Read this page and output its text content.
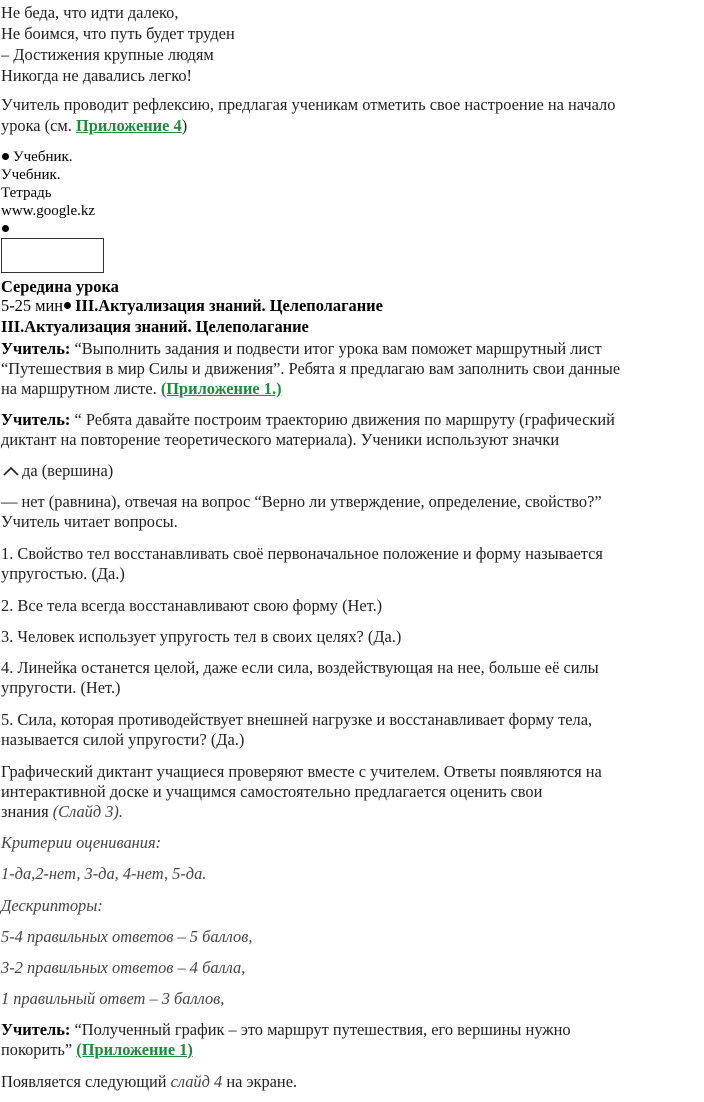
Не беда, что идти далеко,
Не боимся, что путь будет труден
– Достижения крупные людям
Никогда не давались легко!
Учитель проводит рефлексию, предлагая ученикам отметить свое настроение на начало
урока (см. Приложение 4)
Учебник.
Учебник.
Тетрадь
www.google.kz
Середина урока
5-25 мин III.Актуализация знаний. Целеполагание
III.Актуализация знаний. Целеполагание
Учитель: “Выполнить задания и подвести итог урока вам поможет маршрутный лист
“Путешествия в мир Силы и движения”. Ребята я предлагаю вам заполнить свои данные
на маршрутном листе. (Приложение 1.)
Учитель: “ Ребята давайте построим траекторию движения по маршруту (графический
диктант на повторение теоретического материала). Ученики используют значки
да (вершина)
— нет (равнина), отвечая на вопрос “Верно ли утверждение, определение, свойство?”
Учитель читает вопросы.
1. Свойство тел восстанавливать своё первоначальное положение и форму называется
упругостью. (Да.)
2. Все тела всегда восстанавливают свою форму (Нет.)
3. Человек использует упругость тел в своих целях? (Да.)
4. Линейка останется целой, даже если сила, воздействующая на нее, больше её силы
упругости. (Нет.)
5. Сила, которая противодействует внешней нагрузке и восстанавливает форму тела,
называется силой упругости? (Да.)
Графический диктант учащиеся проверяют вместе с учителем. Ответы появляются на
интерактивной доске и учащимся самостоятельно предлагается оценить свои
знания (Слайд 3).
Критерии оценивания:
1-да,2-нет, 3-да, 4-нет, 5-да.
Дескрипторы:
5-4 правильных ответов – 5 баллов,
3-2 правильных ответов – 4 балла,
1 правильный ответ – 3 баллов,
Учитель: “Полученный график – это маршрут путешествия, его вершины нужно
покорить” (Приложение 1)
Появляется следующий слайд 4 на экране.
